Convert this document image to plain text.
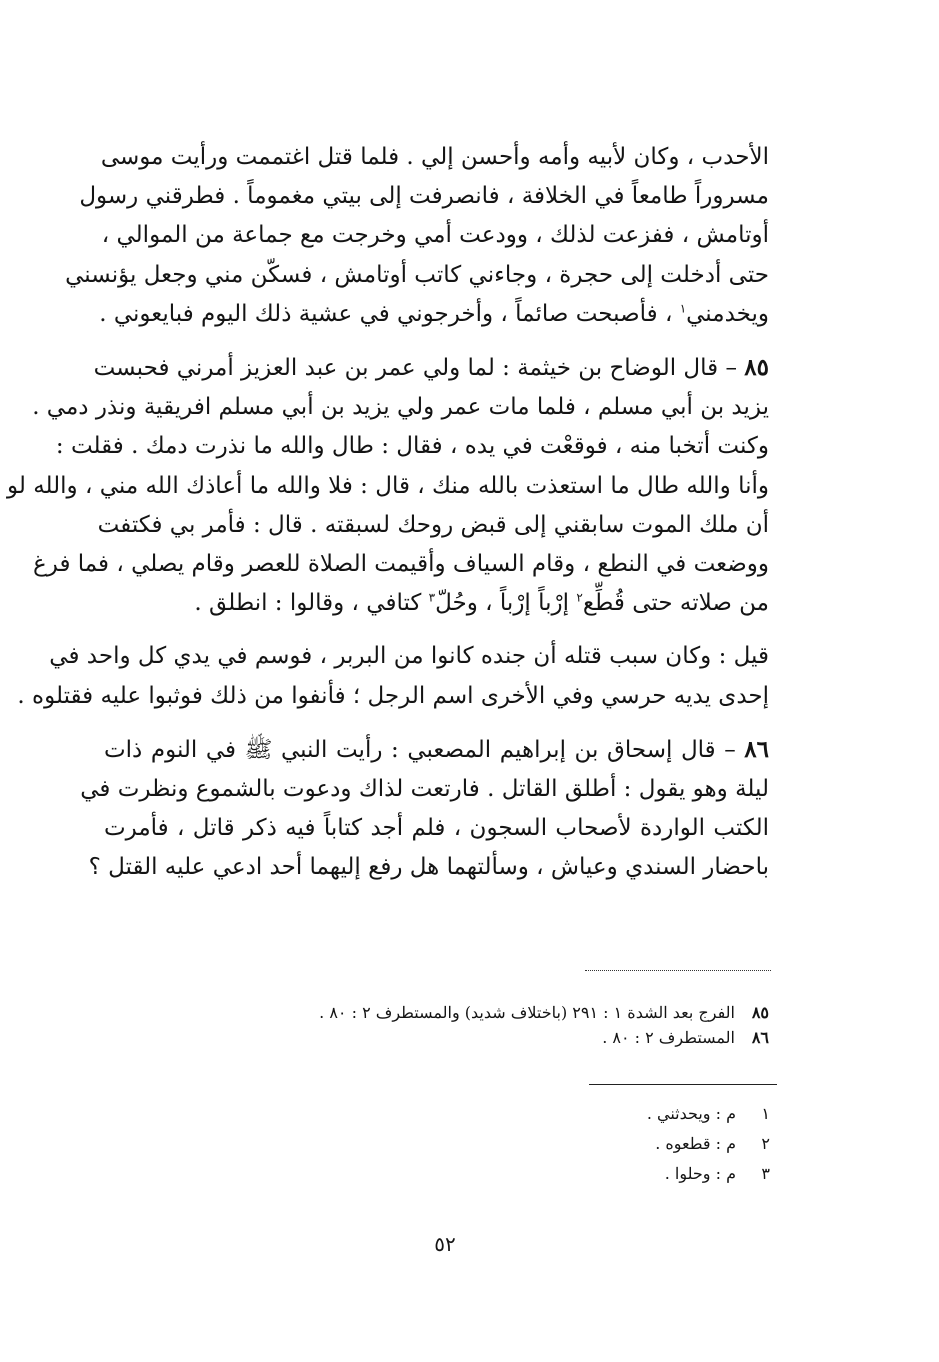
الأحدب ، وكان لأبيه وأمه وأحسن إلي . فلما قتل اغتممت ورأيت موسى
مسروراً طامعاً في الخلافة ، فانصرفت إلى بيتي مغموماً . فطرقني رسول
أوتامش ، ففزعت لذلك ، وودعت أمي وخرجت مع جماعة من الموالي ،
حتى أدخلت إلى حجرة ، وجاءني كاتب أوتامش ، فسكّن مني وجعل يؤنسني
ويخدمني$^١$ ، فأصبحت صائماً ، وأخرجوني في عشية ذلك اليوم فبايعوني .
٨٥ – قال الوضاح بن خيثمة : لما ولي عمر بن عبد العزيز أمرني فحبست
يزيد بن أبي مسلم ، فلما مات عمر ولي يزيد بن أبي مسلم افريقية ونذر دمي .
وكنت أتخبا منه ، فوقعْت في يده ، فقال : طال والله ما نذرت دمك . فقلت :
وأنا والله طال ما استعذت بالله منك ، قال : فلا والله ما أعاذك الله مني ، والله لو
أن ملك الموت سابقني إلى قبض روحك لسبقته . قال : فأمر بي فكتفت
ووضعت في النطع ، وقام السياف وأقيمت الصلاة للعصر وقام يصلي ، فما فرغ
من صلاته حتى قُطِّع$^٢$ إرْباً إرْباً ، وحُلّ$^٣$ كتافي ، وقالوا : انطلق .
قيل : وكان سبب قتله أن جنده كانوا من البربر ، فوسم في يدي كل واحد في
إحدى يديه حرسي وفي الأخرى اسم الرجل ؛ فأنفوا من ذلك فوثبوا عليه فقتلوه .
٨٦ – قال إسحاق بن إبراهيم المصعبي : رأيت النبي ﷺ في النوم ذات
ليلة وهو يقول : أطلق القاتل . فارتعت لذاك ودعوت بالشموع ونظرت في
الكتب الواردة لأصحاب السجون ، فلم أجد كتاباً فيه ذكر قاتل ، فأمرت
باحضار السندي وعياش ، وسألتهما هل رفع إليهما أحد ادعي عليه القتل ؟
٨٥الفرج بعد الشدة ١ : ٢٩١ (باختلاف شديد) والمستطرف ٢ : ٨٠ .
٨٦المستطرف ٢ : ٨٠ .
١م : ويحدثني .
٢م : قطعوه .
٣م : وحلوا .
٥٢
